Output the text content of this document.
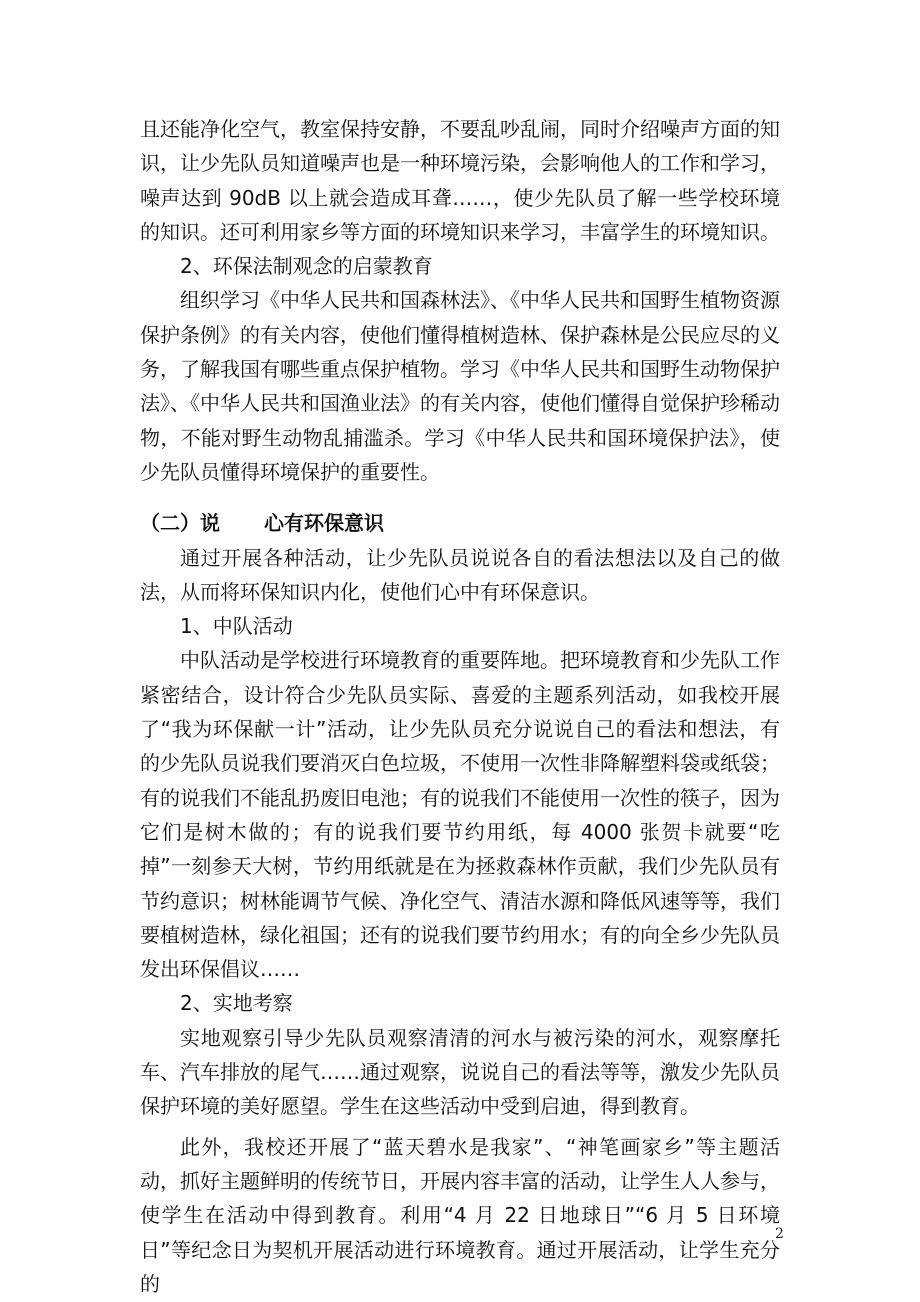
且还能净化空气，教室保持安静，不要乱吵乱闹，同时介绍噪声方面的知识，让少先队员知道噪声也是一种环境污染，会影响他人的工作和学习，噪声达到 90dB 以上就会造成耳聋……，使少先队员了解一些学校环境的知识。还可利用家乡等方面的环境知识来学习，丰富学生的环境知识。

2、环保法制观念的启蒙教育

组织学习《中华人民共和国森林法》、《中华人民共和国野生植物资源保护条例》的有关内容，使他们懂得植树造林、保护森林是公民应尽的义务，了解我国有哪些重点保护植物。学习《中华人民共和国野生动物保护法》、《中华人民共和国渔业法》的有关内容，使他们懂得自觉保护珍稀动物，不能对野生动物乱捕滥杀。学习《中华人民共和国环境保护法》，使少先队员懂得环境保护的重要性。

（二）说 心有环保意识

通过开展各种活动，让少先队员说说各自的看法想法以及自己的做法，从而将环保知识内化，使他们心中有环保意识。

1、中队活动

中队活动是学校进行环境教育的重要阵地。把环境教育和少先队工作紧密结合，设计符合少先队员实际、喜爱的主题系列活动，如我校开展了“我为环保献一计”活动，让少先队员充分说说自己的看法和想法，有的少先队员说我们要消灭白色垃圾，不使用一次性非降解塑料袋或纸袋；有的说我们不能乱扔废旧电池；有的说我们不能使用一次性的筷子，因为它们是树木做的；有的说我们要节约用纸，每 4000 张贺卡就要“吃掉”一刻参天大树，节约用纸就是在为拯救森林作贡献，我们少先队员有节约意识；树林能调节气候、净化空气、清洁水源和降低风速等等，我们要植树造林，绿化祖国；还有的说我们要节约用水；有的向全乡少先队员发出环保倡议……

2、实地考察

实地观察引导少先队员观察清清的河水与被污染的河水，观察摩托车、汽车排放的尾气……通过观察，说说自己的看法等等，激发少先队员保护环境的美好愿望。学生在这些活动中受到启迪，得到教育。

此外，我校还开展了“蓝天碧水是我家”、“神笔画家乡”等主题活动，抓好主题鲜明的传统节日，开展内容丰富的活动，让学生人人参与，使学生在活动中得到教育。利用“4 月 22 日地球日”“6 月 5 日环境日”等纪念日为契机开展活动进行环境教育。通过开展活动，让学生充分的

2
